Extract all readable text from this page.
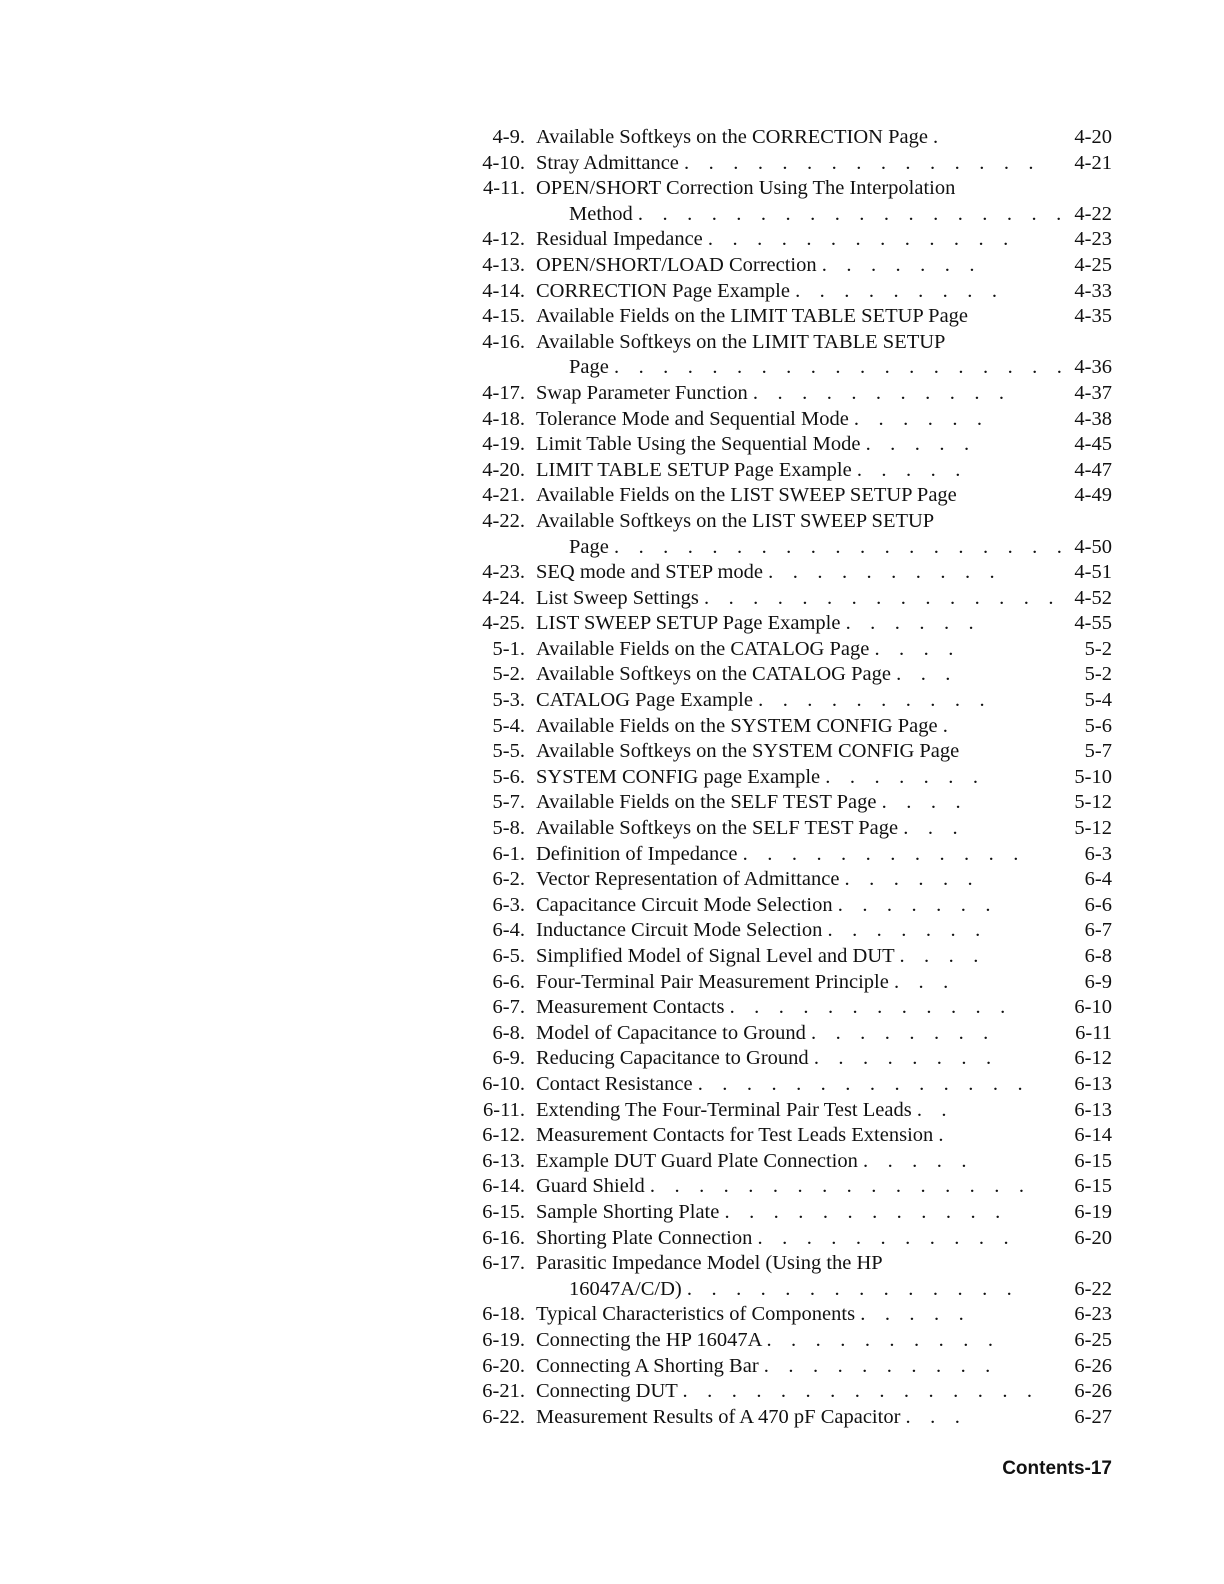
4-9. Available Softkeys on the CORRECTION Page .	4-20
4-10. Stray Admittance . . . . . . . . . . . . . . .	4-21
4-11. OPEN/SHORT Correction Using The Interpolation
Method . . . . . . . . . . . . . . . . . . 4-22
4-12. Residual Impedance . . . . . . . . . . . . .	4-23
4-13. OPEN/SHORT/LOAD Correction . . . . . . .	4-25
4-14. CORRECTION Page Example . . . . . . . . .	4-33
4-15. Available Fields on the LIMIT TABLE SETUP Page	4-35
4-16. Available Softkeys on the LIMIT TABLE SETUP
Page . . . . . . . . . . . . . . . . . . . 4-36
4-17. Swap Parameter Function . . . . . . . . . . .	4-37
4-18. Tolerance Mode and Sequential Mode . . . . . .	4-38
4-19. Limit Table Using the Sequential Mode . . . . .	4-45
4-20. LIMIT TABLE SETUP Page Example . . . . .	4-47
4-21. Available Fields on the LIST SWEEP SETUP Page	4-49
4-22. Available Softkeys on the LIST SWEEP SETUP
Page . . . . . . . . . . . . . . . . . . . 4-50
4-23. SEQ mode and STEP mode . . . . . . . . . .	4-51
4-24. List Sweep Settings . . . . . . . . . . . . . . . 4-52
4-25. LIST SWEEP SETUP Page Example . . . . . .	4-55
5-1. Available Fields on the CATALOG Page . . . .	5-2
5-2. Available Softkeys on the CATALOG Page . . .	5-2
5-3. CATALOG Page Example . . . . . . . . . .	5-4
5-4. Available Fields on the SYSTEM CONFIG Page .	5-6
5-5. Available Softkeys on the SYSTEM CONFIG Page	5-7
5-6. SYSTEM CONFIG page Example . . . . . . .	5-10
5-7. Available Fields on the SELF TEST Page . . . .	5-12
5-8. Available Softkeys on the SELF TEST Page . . .	5-12
6-1. Definition of Impedance . . . . . . . . . . . .	6-3
6-2. Vector Representation of Admittance . . . . . .	6-4
6-3. Capacitance Circuit Mode Selection . . . . . . .	6-6
6-4. Inductance Circuit Mode Selection . . . . . . .	6-7
6-5. Simplified Model of Signal Level and DUT . . . .	6-8
6-6. Four-Terminal Pair Measurement Principle . . .	6-9
6-7. Measurement Contacts . . . . . . . . . . . .	6-10
6-8. Model of Capacitance to Ground . . . . . . . .	6-11
6-9. Reducing Capacitance to Ground . . . . . . . .	6-12
6-10. Contact Resistance . . . . . . . . . . . . . .	6-13
6-11. Extending The Four-Terminal Pair Test Leads . .	6-13
6-12. Measurement Contacts for Test Leads Extension .	6-14
6-13. Example DUT Guard Plate Connection . . . . .	6-15
6-14. Guard Shield . . . . . . . . . . . . . . . .	6-15
6-15. Sample Shorting Plate . . . . . . . . . . . .	6-19
6-16. Shorting Plate Connection . . . . . . . . . . .	6-20
6-17. Parasitic Impedance Model (Using the HP
16047A/C/D) . . . . . . . . . . . . . .	6-22
6-18. Typical Characteristics of Components . . . . .	6-23
6-19. Connecting the HP 16047A . . . . . . . . . .	6-25
6-20. Connecting A Shorting Bar . . . . . . . . . .	6-26
6-21. Connecting DUT . . . . . . . . . . . . . . .	6-26
6-22. Measurement Results of A 470 pF Capacitor . . .	6-27
Contents-17
